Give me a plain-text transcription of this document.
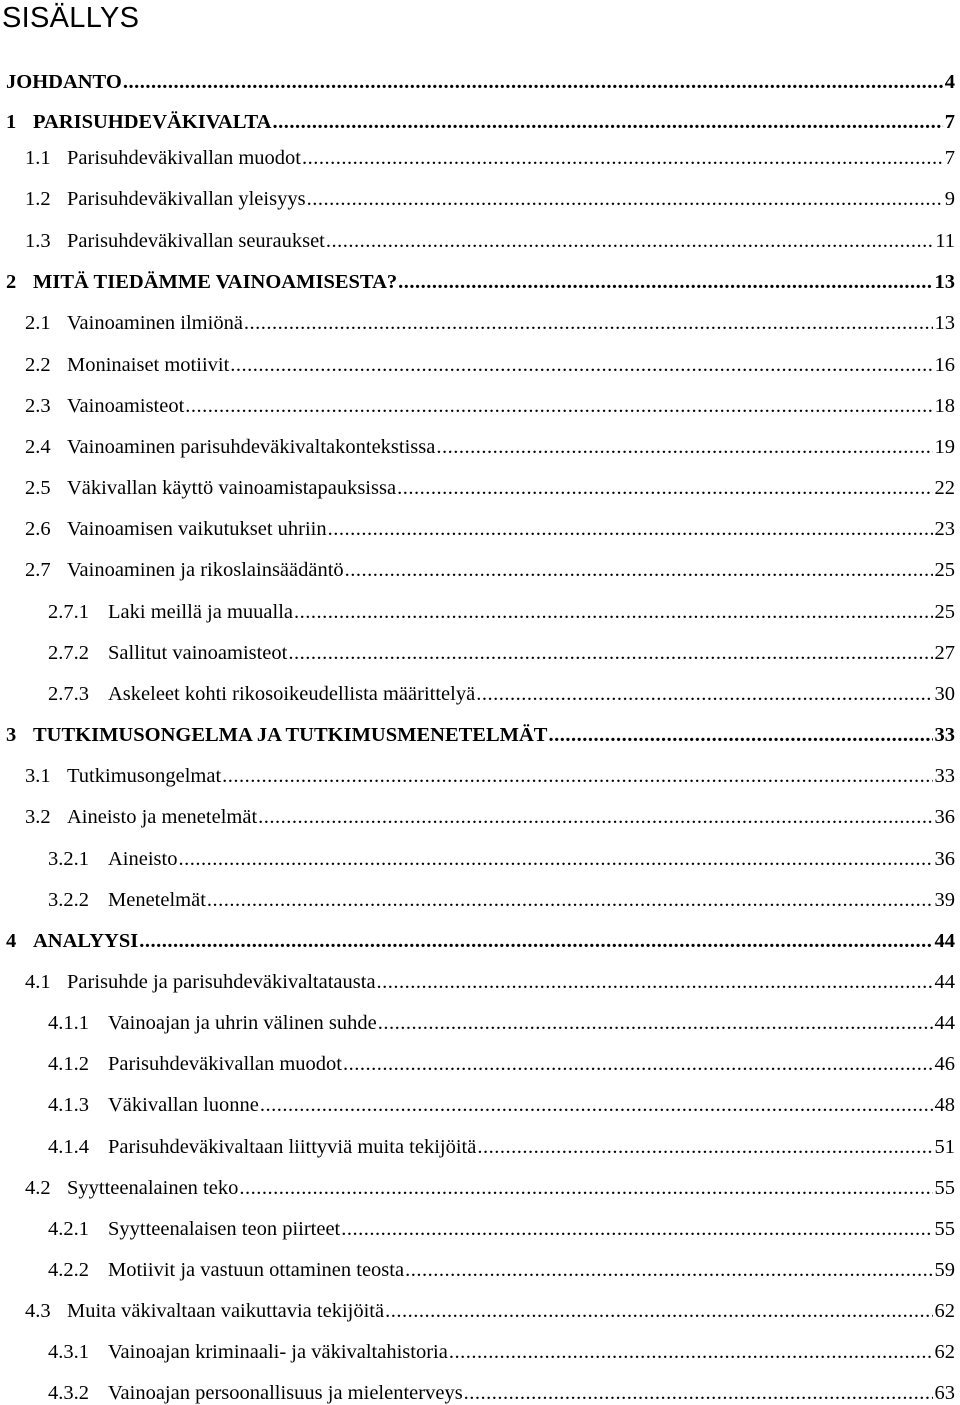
SISÄLLYS
JOHDANTO .....	4
1 PARISUHDEVÄKIVALTA .....	7
1.1 Parisuhdeväkivallan muodot .....	7
1.2 Parisuhdeväkivallan yleisyys .....	9
1.3 Parisuhdeväkivallan seuraukset .....	11
2 MITÄ TIEDÄMME VAINOAMISESTA? .....	13
2.1 Vainoaminen ilmiönä .....	13
2.2 Moninaiset motiivit .....	16
2.3 Vainoamisteot .....	18
2.4 Vainoaminen parisuhdeväkivaltakontekstissa .....	19
2.5 Väkivallan käyttö vainoamistapauksissa .....	22
2.6 Vainoamisen vaikutukset uhriin .....	23
2.7 Vainoaminen ja rikoslainsäädäntö .....	25
2.7.1 Laki meillä ja muualla .....	25
2.7.2 Sallitut vainoamisteot .....	27
2.7.3 Askeleet kohti rikosoikeudellista määrittelyä .....	30
3 TUTKIMUSONGELMA JA TUTKIMUSMENETELMÄT .....	33
3.1 Tutkimusongelmat .....	33
3.2 Aineisto ja menetelmät .....	36
3.2.1 Aineisto .....	36
3.2.2 Menetelmät .....	39
4 ANALYYSI .....	44
4.1 Parisuhde ja parisuhdeväkivaltatausta .....	44
4.1.1 Vainoajan ja uhrin välinen suhde .....	44
4.1.2 Parisuhdeväkivallan muodot .....	46
4.1.3 Väkivallan luonne .....	48
4.1.4 Parisuhdeväkivaltaan liittyviä muita tekijöitä .....	51
4.2 Syytteenalainen teko .....	55
4.2.1 Syytteenalaisen teon piirteet .....	55
4.2.2 Motiivit ja vastuun ottaminen teosta .....	59
4.3 Muita väkivaltaan vaikuttavia tekijöitä .....	62
4.3.1 Vainoajan kriminaali- ja väkivaltahistoria .....	62
4.3.2 Vainoajan persoonallisuus ja mielenterveys .....	63
